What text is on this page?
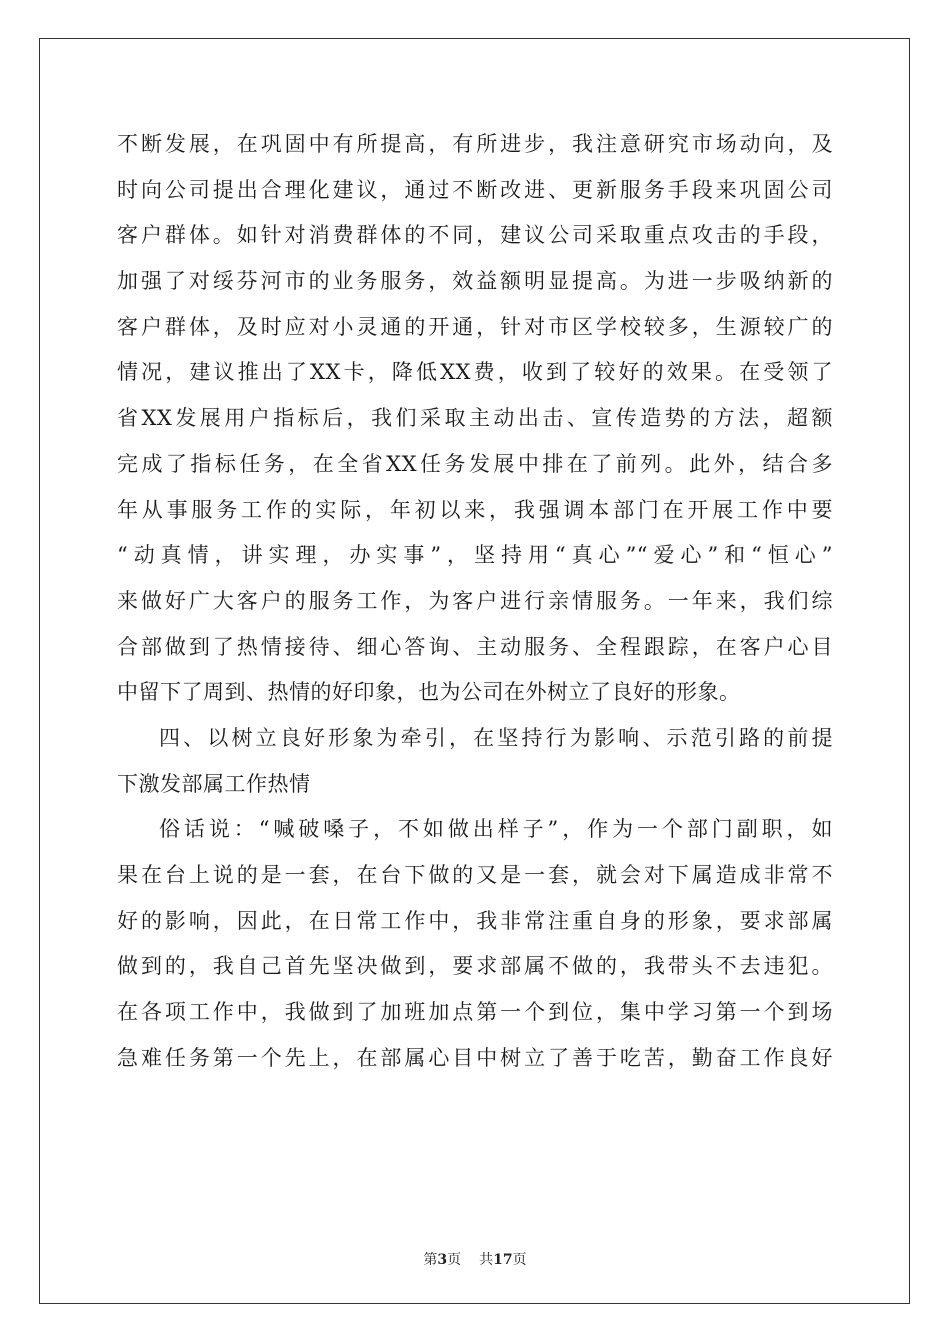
不断发展，在巩固中有所提高，有所进步，我注意研究市场动向，及
时向公司提出合理化建议，通过不断改进、更新服务手段来巩固公司
客户群体。如针对消费群体的不同，建议公司采取重点攻击的手段，
加强了对绥芬河市的业务服务，效益额明显提高。为进一步吸纳新的
客户群体，及时应对小灵通的开通，针对市区学校较多，生源较广的
情况，建议推出了XX卡，降低XX费，收到了较好的效果。在受领了
省XX发展用户指标后，我们采取主动出击、宣传造势的方法，超额
完成了指标任务，在全省XX任务发展中排在了前列。此外，结合多
年从事服务工作的实际，年初以来，我强调本部门在开展工作中要
“动真情，讲实理，办实事”，坚持用“真心”“爱心”和“恒心”
来做好广大客户的服务工作，为客户进行亲情服务。一年来，我们综
合部做到了热情接待、细心答询、主动服务、全程跟踪，在客户心目
中留下了周到、热情的好印象，也为公司在外树立了良好的形象。
四、以树立良好形象为牵引，在坚持行为影响、示范引路的前提
下激发部属工作热情
俗话说：“喊破嗓子，不如做出样子”，作为一个部门副职，如
果在台上说的是一套，在台下做的又是一套，就会对下属造成非常不
好的影响，因此，在日常工作中，我非常注重自身的形象，要求部属
做到的，我自己首先坚决做到，要求部属不做的，我带头不去违犯。
在各项工作中，我做到了加班加点第一个到位，集中学习第一个到场
急难任务第一个先上，在部属心目中树立了善于吃苦，勤奋工作良好
第3页 共17页
